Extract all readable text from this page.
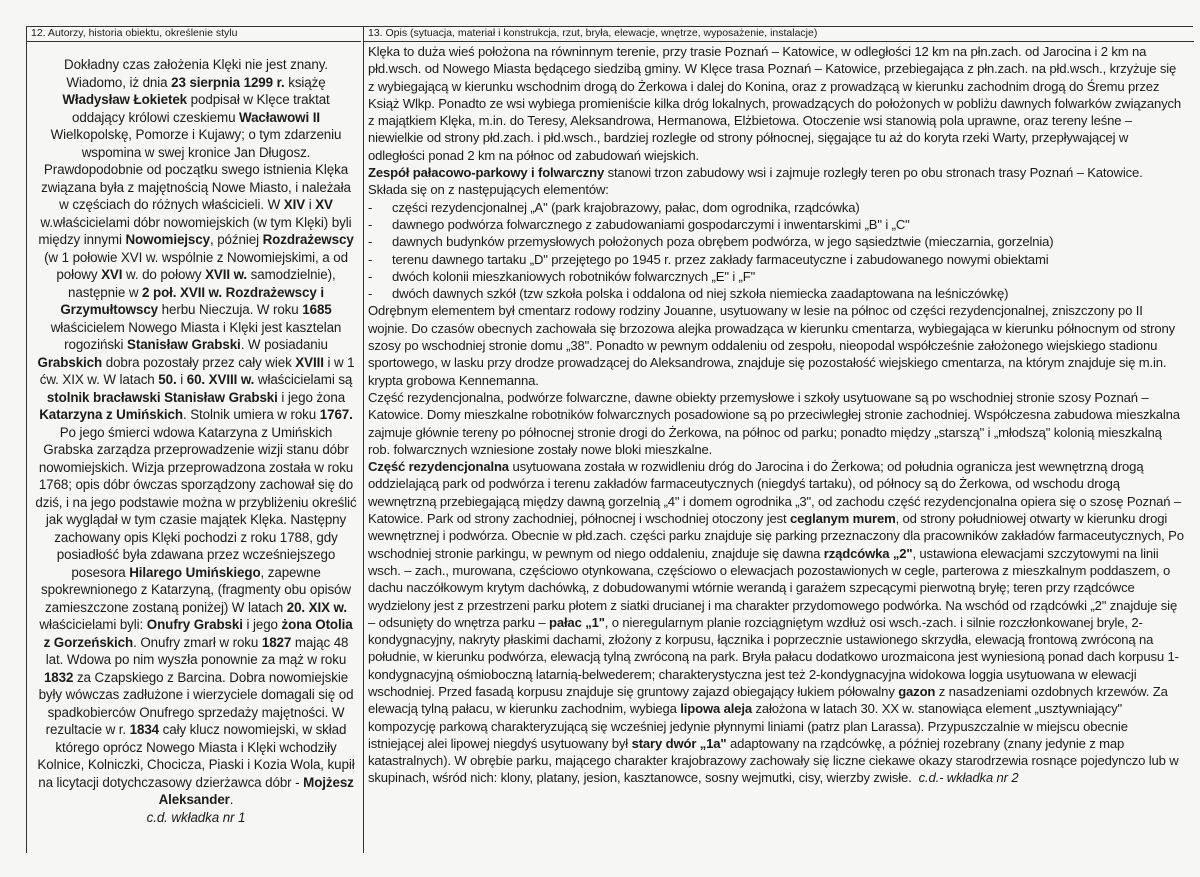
12. Autorzy, historia obiektu, określenie stylu

Dokładny czas założenia Klęki nie jest znany. Wiadomo, iż dnia 23 sierpnia 1299 r. książę Władysław Łokietek podpisał w Klęce traktat oddający królowi czeskiemu Wacławowi II Wielkopolskę, Pomorze i Kujawy; o tym zdarzeniu wspomina w swej kronice Jan Długosz.

Prawdopodobnie od początku swego istnienia Klęka związana była z majętnością Nowe Miasto, i należała w częściach do różnych właścicieli. W XIV i XV w.właścicielami dóbr nowomiejskich (w tym Klęki) byli między innymi Nowomiejscy, później Rozdrażewscy (w 1 połowie XVI w. wspólnie z Nowomiejskimi, a od połowy XVI w. do połowy XVII w. samodzielnie), następnie w 2 poł. XVII w. Rozdrażewscy i Grzymułtowscy herbu Nieczuja. W roku 1685 właścicielem Nowego Miasta i Klęki jest kasztelan rogoziński Stanisław Grabski. W posiadaniu Grabskich dobra pozostały przez cały wiek XVIII i w 1 ćw. XIX w. W latach 50. i 60. XVIII w. właścicielami są stolnik bracławski Stanisław Grabski i jego żona Katarzyna z Umińskich. Stolnik umiera w roku 1767. Po jego śmierci wdowa Katarzyna z Umińskich Grabska zarządza przeprowadzenie wizji stanu dóbr nowomiejskich. Wizja przeprowadzona została w roku 1768; opis dóbr ówczas sporządzony zachował się do dziś, i na jego podstawie można w przybliżeniu określić jak wyglądał w tym czasie majątek Klęka. Następny zachowany opis Klęki pochodzi z roku 1788, gdy posiadłość była zdawana przez wcześniejszego posesora Hilarego Umińskiego, zapewne spokrewnionego z Katarzyną, (fragmenty obu opisów zamieszczone zostaną poniżej) W latach 20. XIX w. właścicielami byli: Onufry Grabski i jego żona Otolia z Gorzeńskich. Onufry zmarł w roku 1827 mając 48 lat. Wdowa po nim wyszła ponownie za mąż w roku 1832 za Czapskiego z Barcina. Dobra nowomiejskie były wówczas zadłużone i wierzyciele domagali się od spadkobierców Onufrego sprzedaży majętności. W rezultacie w r. 1834 cały klucz nowomiejski, w skład którego oprócz Nowego Miasta i Klęki wchodziły Kolnice, Kolniczki, Chocicza, Piaski i Kozia Wola, kupił na licytacji dotychczasowy dzierżawca dóbr - Mojżesz Aleksander.

c.d. wkładka nr 1

13. Opis (sytuacja, materiał i konstrukcja, rzut, bryła, elewacje, wnętrze, wyposażenie, instalacje)

Klęka to duża wieś położona na równinnym terenie, przy trasie Poznań – Katowice, w odległości 12 km na płn.zach. od Jarocina i 2 km na płd.wsch. od Nowego Miasta będącego siedzibą gminy. W Klęce trasa Poznań – Katowice, przebiegająca z płn.zach. na płd.wsch., krzyżuje się z wybiegającą w kierunku wschodnim drogą do Żerkowa i dalej do Konina, oraz z prowadzącą w kierunku zachodnim drogą do Śremu przez Książ Wlkp. Ponadto ze wsi wybiega promieniście kilka dróg lokalnych, prowadzących do położonych w pobliżu dawnych folwarków związanych z majątkiem Klęka, m.in. do Teresy, Aleksandrowa, Hermanowa, Elżbietowa. Otoczenie wsi stanowią pola uprawne, oraz tereny leśne – niewielkie od strony płd.zach. i płd.wsch., bardziej rozległe od strony północnej, sięgające tu aż do koryta rzeki Warty, przepływającej w odległości ponad 2 km na północ od zabudowań wiejskich.

Zespół pałacowo-parkowy i folwarczny stanowi trzon zabudowy wsi i zajmuje rozległy teren po obu stronach trasy Poznań – Katowice. Składa się on z następujących elementów:

- części rezydencjonalnej „A" (park krajobrazowy, pałac, dom ogrodnika, rządcówka)
- dawnego podwórza folwarcznego z zabudowaniami gospodarczymi i inwentarskimi „B" i „C"
- dawnych budynków przemysłowych położonych poza obrębem podwórza, w jego sąsiedztwie (mieczarnia, gorzelnia)
- terenu dawnego tartaku „D" przejętego po 1945 r. przez zakłady farmaceutyczne i zabudowanego nowymi obiektami
- dwóch kolonii mieszkaniowych robotników folwarcznych „E" i „F"
- dwóch dawnych szkół (tzw szkoła polska i oddalona od niej szkoła niemiecka zaadaptowana na leśniczówkę)

Odrębnym elementem był cmentarz rodowy rodziny Jouanne, usytuowany w lesie na północ od części rezydencjonalnej, zniszczony po II wojnie. Do czasów obecnych zachowała się brzozowa alejka prowadząca w kierunku cmentarza, wybiegająca w kierunku północnym od strony szosy po wschodniej stronie domu „38". Ponadto w pewnym oddaleniu od zespołu, nieopodal współcześnie założonego wiejskiego stadionu sportowego, w lasku przy drodze prowadzącej do Aleksandrowa, znajduje się pozostałość wiejskiego cmentarza, na którym znajduje się m.in. krypta grobowa Kennemanna.

Część rezydencjonalna, podwórze folwarczne, dawne obiekty przemysłowe i szkoły usytuowane są po wschodniej stronie szosy Poznań – Katowice. Domy mieszkalne robotników folwarcznych posadowione są po przeciwległej stronie zachodniej. Współczesna zabudowa mieszkalna zajmuje głównie tereny po północnej stronie drogi do Żerkowa, na północ od parku; ponadto między „starszą" i „młodszą" kolonią mieszkalną rob. folwarcznych wzniesione zostały nowe bloki mieszkalne.

Część rezydencjonalna usytuowana została w rozwidleniu dróg do Jarocina i do Żerkowa; od południa ogranicza jest wewnętrzną drogą oddzielającą park od podwórza i terenu zakładów farmaceutycznych (niegdyś tartaku), od północy są do Żerkowa, od wschodu drogą wewnętrzną przebiegającą między dawną gorzelnią „4" i domem ogrodnika „3", od zachodu część rezydencjonalna opiera się o szosę Poznań – Katowice. Park od strony zachodniej, północnej i wschodniej otoczony jest ceglanym murem, od strony południowej otwarty w kierunku drogi wewnętrznej i podwórza. Obecnie w płd.zach. części parku znajduje się parking przeznaczony dla pracowników zakładów farmaceutycznych, Po wschodniej stronie parkingu, w pewnym od niego oddaleniu, znajduje się dawna rządcówka „2", ustawiona elewacjami szczytowymi na linii wsch. – zach., murowana, częściowo otynkowana, częściowo o elewacjach pozostawionych w cegle, parterowa z mieszkalnym poddaszem, o dachu naczółkowym krytym dachówką, z dobudowanymi wtórnie werandą i garażem szpecącymi pierwotną bryłę; teren przy rządcówce wydzielony jest z przestrzeni parku płotem z siatki drucianej i ma charakter przydomowego podwórka. Na wschód od rządcówki „2" znajduje się – odsunięty do wnętrza parku – pałac „1", o nieregularnym planie rozciągniętym wzdłuż osi wsch.-zach. i silnie rozczłonkowanej bryle, 2-kondygnacyjny, nakryty płaskimi dachami, złożony z korpusu, łącznika i poprzecznie ustawionego skrzydła, elewacją frontową zwróconą na południe, w kierunku podwórza, elewacją tylną zwróconą na park. Bryła pałacu dodatkowo urozmaicona jest wyniesioną ponad dach korpusu 1-kondygnacyjną ośmioboczną latarnią-belwederem; charakterystyczna jest też 2-kondygnacyjna widokowa loggia usytuowana w elewacji wschodniej. Przed fasadą korpusu znajduje się gruntowy zajazd obiegający łukiem półowalny gazon z nasadzeniami ozdobnych krzewów. Za elewacją tylną pałacu, w kierunku zachodnim, wybiega lipowa aleja założona w latach 30. XX w. stanowiąca element „usztywniający" kompozycję parkową charakteryzującą się wcześniej jedynie płynnymi liniami (patrz plan Larassa). Przypuszczalnie w miejscu obecnie istniejącej alei lipowej niegdyś usytuowany był stary dwór „1a" adaptowany na rządcówkę, a później rozebrany (znany jedynie z map katastralnych). W obrębie parku, mającego charakter krajobrazowy zachowały się liczne ciekawe okazy starodrzewia rosnące pojedynczo lub w skupinach, wśród nich: klony, platany, jesion, kasztanowce, sosny wejmutki, cisy, wierzby zwisłe. c.d.- wkładka nr 2
